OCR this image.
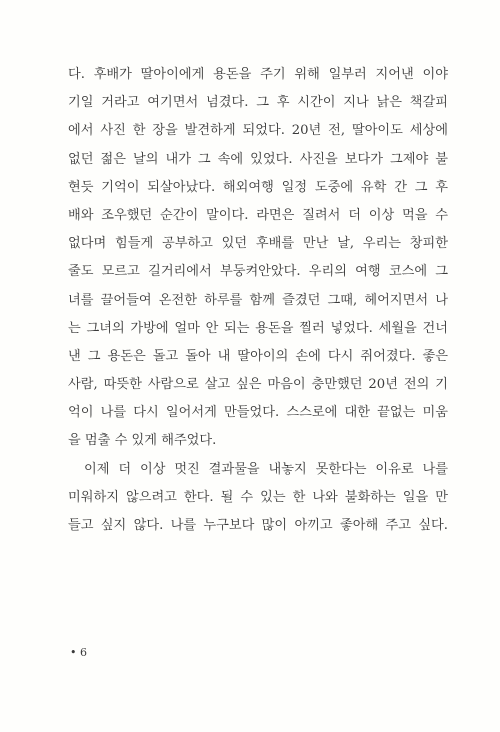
다. 후배가 딸아이에게 용돈을 주기 위해 일부러 지어낸 이야
기일 거라고 여기면서 넘겼다. 그 후 시간이 지나 낡은 책갈피
에서 사진 한 장을 발견하게 되었다. 20년 전, 딸아이도 세상에
없던 젊은 날의 내가 그 속에 있었다. 사진을 보다가 그제야 불
현듯 기억이 되살아났다. 해외여행 일정 도중에 유학 간 그 후
배와 조우했던 순간이 말이다. 라면은 질려서 더 이상 먹을 수
없다며 힘들게 공부하고 있던 후배를 만난 날, 우리는 창피한
줄도 모르고 길거리에서 부둥켜안았다. 우리의 여행 코스에 그
녀를 끌어들여 온전한 하루를 함께 즐겼던 그때, 헤어지면서 나
는 그녀의 가방에 얼마 안 되는 용돈을 찔러 넣었다. 세월을 건너
낸 그 용돈은 돌고 돌아 내 딸아이의 손에 다시 쥐어졌다. 좋은
사람, 따뜻한 사람으로 살고 싶은 마음이 충만했던 20년 전의 기
억이 나를 다시 일어서게 만들었다. 스스로에 대한 끝없는 미움
을 멈출 수 있게 해주었다.
이제 더 이상 멋진 결과물을 내놓지 못한다는 이유로 나를
미워하지 않으려고 한다. 될 수 있는 한 나와 불화하는 일을 만
들고 싶지 않다. 나를 누구보다 많이 아끼고 좋아해 주고 싶다.
• 6
